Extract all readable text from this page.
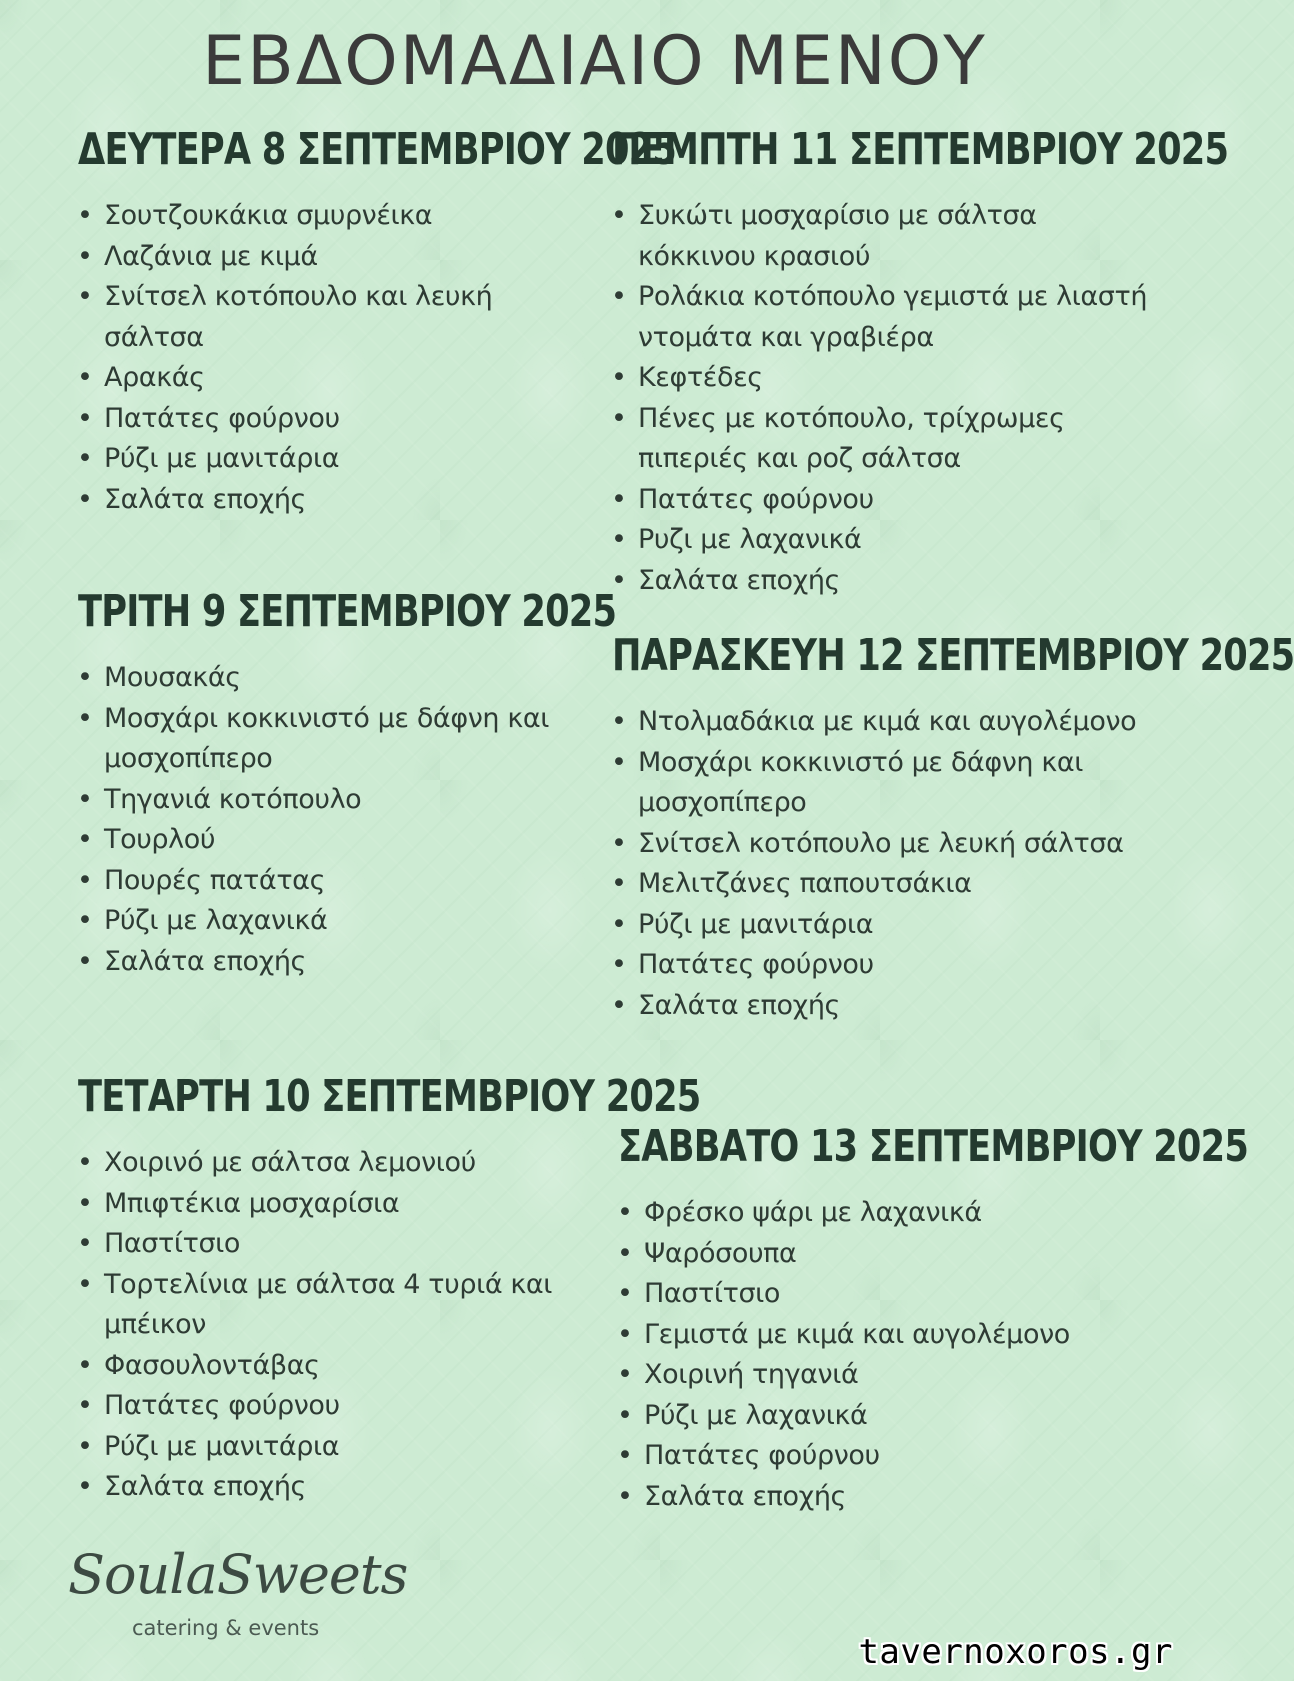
ΕΒΔΟΜΑΔΙΑΙΟ ΜΕΝΟΥ
ΔΕΥΤΕΡΑ 8 ΣΕΠΤΕΜΒΡΙΟΥ 2025
• Σουτζουκάκια σμυρνέικα
• Λαζάνια με κιμά
• Σνίτσελ κοτόπουλο και λευκή σάλτσα
• Αρακάς
• Πατάτες φούρνου
• Ρύζι με μανιτάρια
• Σαλάτα εποχής
ΤΡΙΤΗ 9 ΣΕΠΤΕΜΒΡΙΟΥ 2025
• Μουσακάς
• Μοσχάρι κοκκινιστό με δάφνη και μοσχοπίπερο
• Τηγανιά κοτόπουλο
• Τουρλού
• Πουρές πατάτας
• Ρύζι με λαχανικά
• Σαλάτα εποχής
ΤΕΤΑΡΤΗ 10 ΣΕΠΤΕΜΒΡΙΟΥ 2025
• Χοιρινό με σάλτσα λεμονιού
• Μπιφτέκια μοσχαρίσια
• Παστίτσιο
• Τορτελίνια με σάλτσα 4 τυριά και μπέικον
• Φασουλοντάβας
• Πατάτες φούρνου
• Ρύζι με μανιτάρια
• Σαλάτα εποχής
ΠΕΜΠΤΗ 11 ΣΕΠΤΕΜΒΡΙΟΥ 2025
• Συκώτι μοσχαρίσιο με σάλτσα κόκκινου κρασιού
• Ρολάκια κοτόπουλο γεμιστά με λιαστή ντομάτα και γραβιέρα
• Κεφτέδες
• Πένες με κοτόπουλο, τρίχρωμες πιπεριές και ροζ σάλτσα
• Πατάτες φούρνου
• Ρυζι με λαχανικά
• Σαλάτα εποχής
ΠΑΡΑΣΚΕΥΗ 12 ΣΕΠΤΕΜΒΡΙΟΥ 2025
• Ντολμαδάκια με κιμά και αυγολέμονο
• Μοσχάρι κοκκινιστό με δάφνη και μοσχοπίπερο
• Σνίτσελ κοτόπουλο με λευκή σάλτσα
• Μελιτζάνες παπουτσάκια
• Ρύζι με μανιτάρια
• Πατάτες φούρνου
• Σαλάτα εποχής
ΣΑΒΒΑΤΟ 13 ΣΕΠΤΕΜΒΡΙΟΥ 2025
• Φρέσκο ψάρι με λαχανικά
• Ψαρόσουπα
• Παστίτσιο
• Γεμιστά με κιμά και αυγολέμονο
• Χοιρινή τηγανιά
• Ρύζι με λαχανικά
• Πατάτες φούρνου
• Σαλάτα εποχής
SoulaSweets
catering & events
tavernoxoros.gr
